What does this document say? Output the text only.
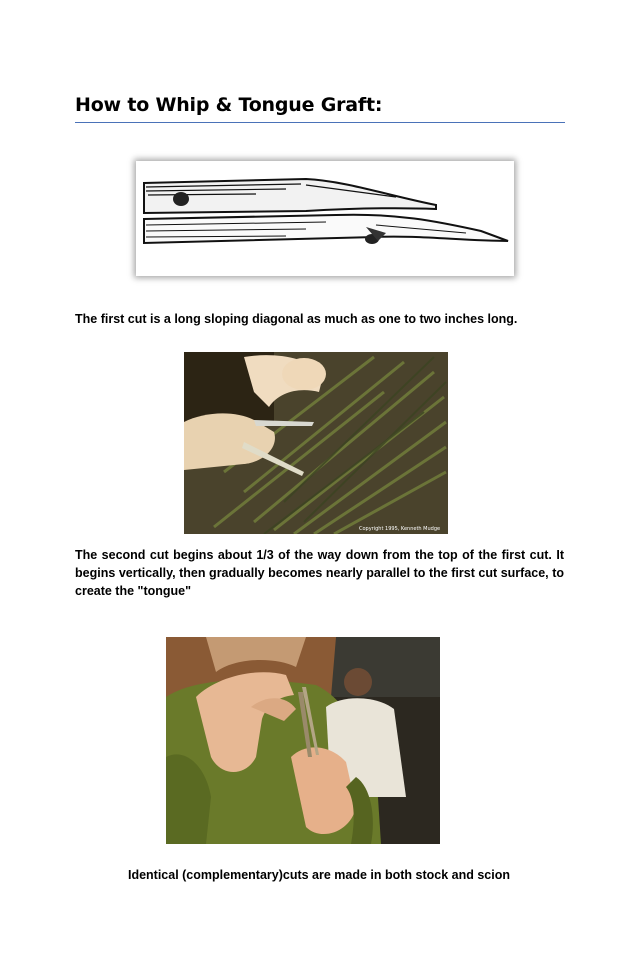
How to Whip & Tongue Graft:

The first cut is a long sloping diagonal as much as one to two inches long.

Copyright 1995, Kenneth Mudge

The second cut begins about 1/3 of the way down from the top of the first cut. It begins vertically, then gradually becomes nearly parallel to the first cut surface, to create the "tongue"

Identical (complementary)cuts are made in both stock and scion
